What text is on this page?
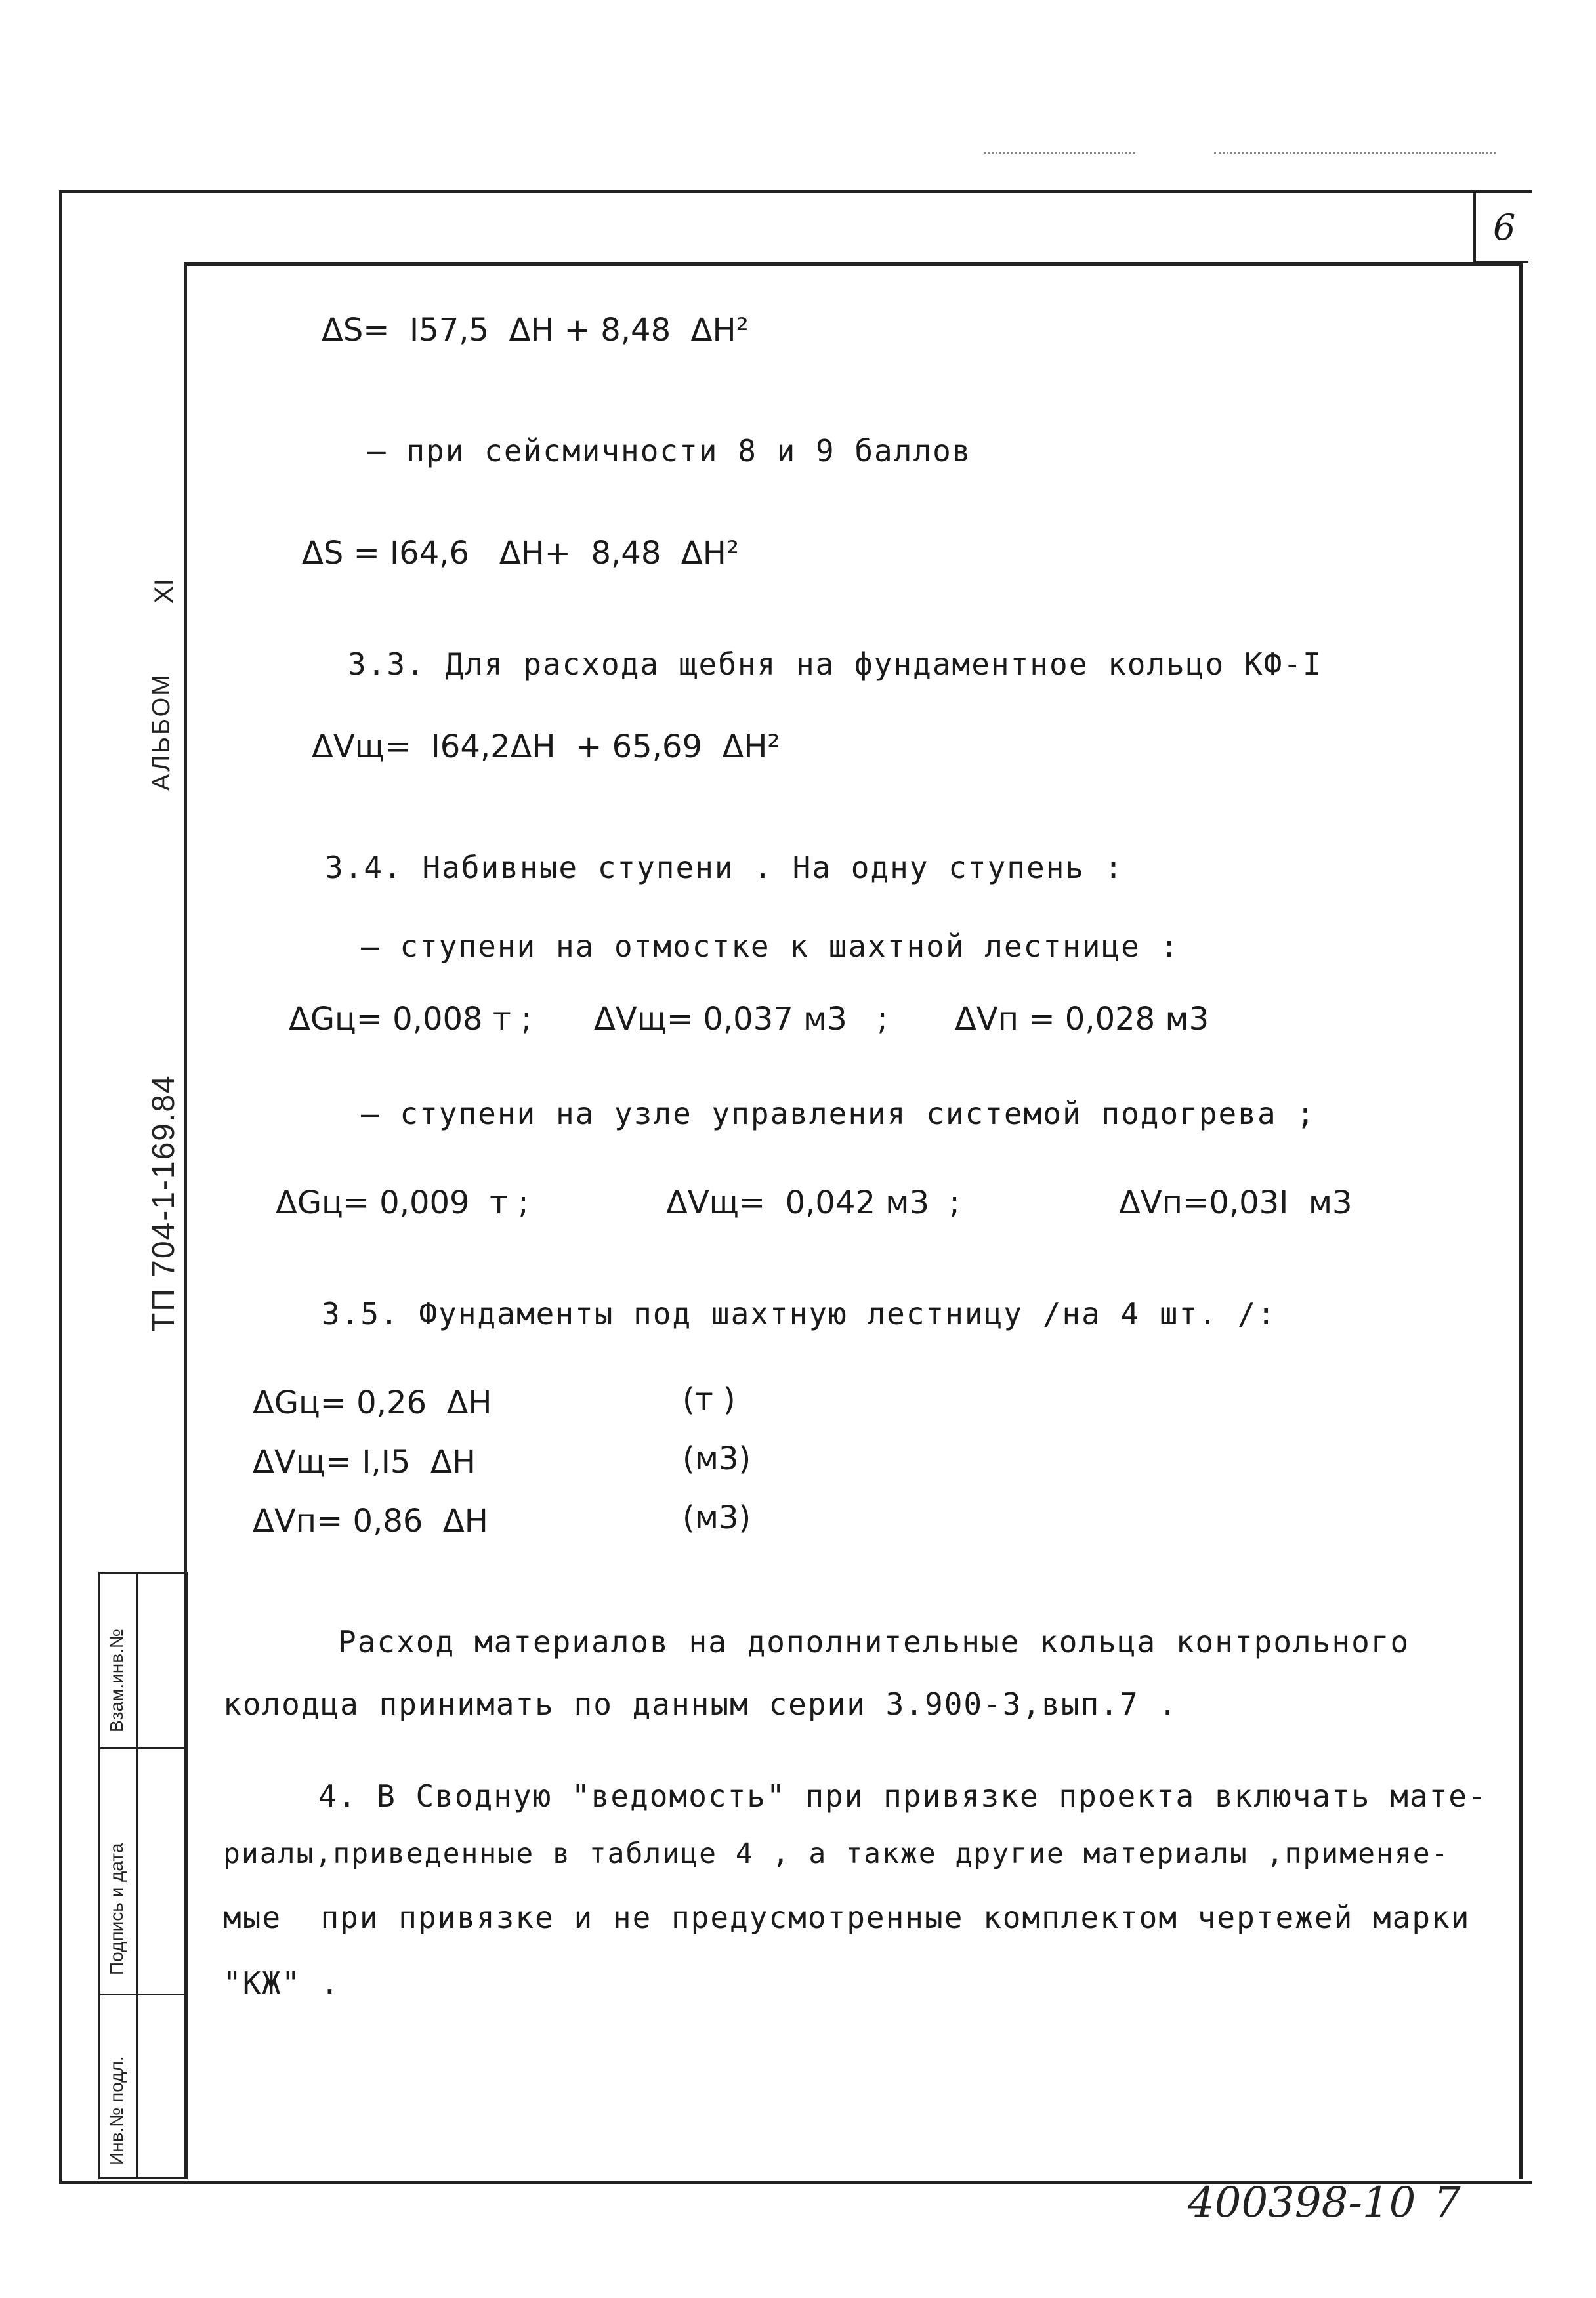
6
XI
АЛЬБОМ
ТП 704-1-169.84
Взам.инв.№
Подпись и дата
Инв.№ подл.
ΔS=  I57,5  ΔH + 8,48  ΔH²
– при сейсмичности 8 и 9 баллов
ΔS = I64,6   ΔH+  8,48  ΔH²
3.3. Для расхода щебня на фундаментное кольцо КФ-I
ΔVщ=  I64,2ΔH  + 65,69  ΔH²
3.4. Набивные ступени . На одну ступень :
– ступени на отмостке к шахтной лестнице :
ΔGц= 0,008 т ; ΔVщ= 0,037 м3   ; ΔVп = 0,028 м3
– ступени на узле управления системой подогрева ;
ΔGц= 0,009  т ;	ΔVщ=  0,042 м3  ;	ΔVп=0,03I  м3
3.5. Фундаменты под шахтную лестницу /на 4 шт. /:
ΔGц= 0,26  ΔH	(т )
ΔVщ= I,I5  ΔH	(м3)
ΔVп= 0,86  ΔH	(м3)
Расход материалов на дополнительные кольца контрольного
колодца принимать по данным серии 3.900-3,вып.7 .
4. В Сводную "ведомость" при привязке проекта включать мате-
риалы,приведенные в таблице 4 , а также другие материалы ,применяе-
мые  при привязке и не предусмотренные комплектом чертежей марки
"КЖ" .
400398-10 7
